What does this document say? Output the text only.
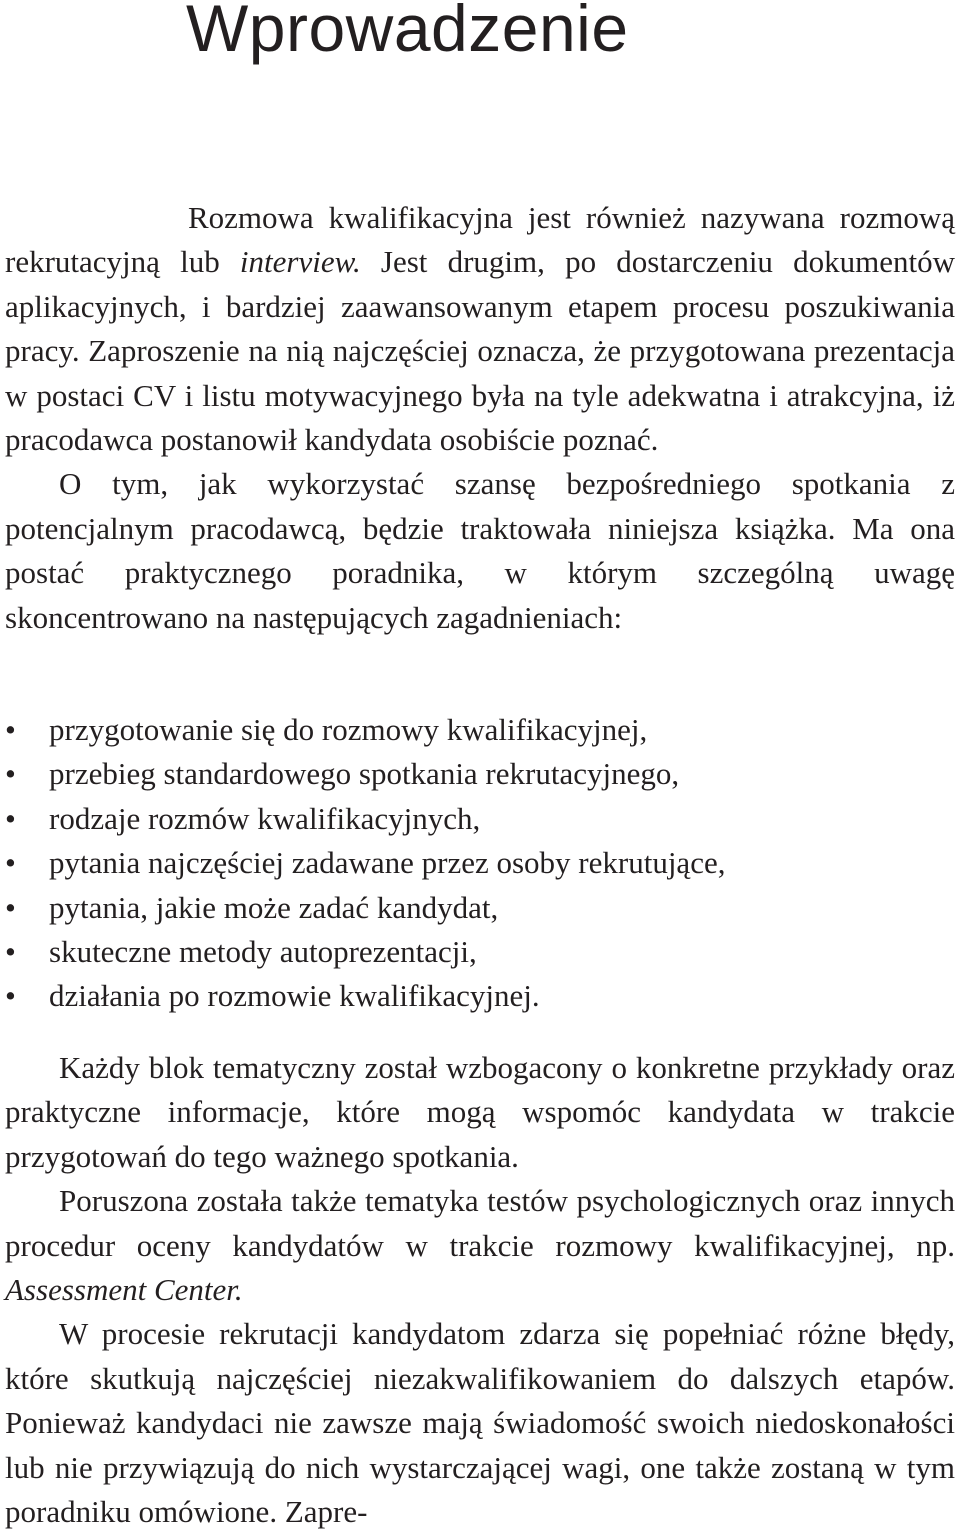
Wprowadzenie

Rozmowa kwalifikacyjna jest również nazywana rozmową rekrutacyjną lub interview. Jest drugim, po dostarczeniu dokumentów aplikacyjnych, i bardziej zaawansowanym etapem procesu poszukiwania pracy. Zaproszenie na nią najczęściej oznacza, że przygotowana prezentacja w postaci CV i listu motywacyjnego była na tyle adekwatna i atrakcyjna, iż pracodawca postanowił kandydata osobiście poznać.

O tym, jak wykorzystać szansę bezpośredniego spotkania z potencjalnym pracodawcą, będzie traktowała niniejsza książka. Ma ona postać praktycznego poradnika, w którym szczególną uwagę skoncentrowano na następujących zagadnieniach:

• przygotowanie się do rozmowy kwalifikacyjnej,
• przebieg standardowego spotkania rekrutacyjnego,
• rodzaje rozmów kwalifikacyjnych,
• pytania najczęściej zadawane przez osoby rekrutujące,
• pytania, jakie może zadać kandydat,
• skuteczne metody autoprezentacji,
• działania po rozmowie kwalifikacyjnej.

Każdy blok tematyczny został wzbogacony o konkretne przykłady oraz praktyczne informacje, które mogą wspomóc kandydata w trakcie przygotowań do tego ważnego spotkania.

Poruszona została także tematyka testów psychologicznych oraz innych procedur oceny kandydatów w trakcie rozmowy kwalifikacyjnej, np. Assessment Center.

W procesie rekrutacji kandydatom zdarza się popełniać różne błędy, które skutkują najczęściej niezakwalifikowaniem do dalszych etapów. Ponieważ kandydaci nie zawsze mają świadomość swoich niedoskonałości lub nie przywiązują do nich wystarczającej wagi, one także zostaną w tym poradniku omówione. Zapre-
